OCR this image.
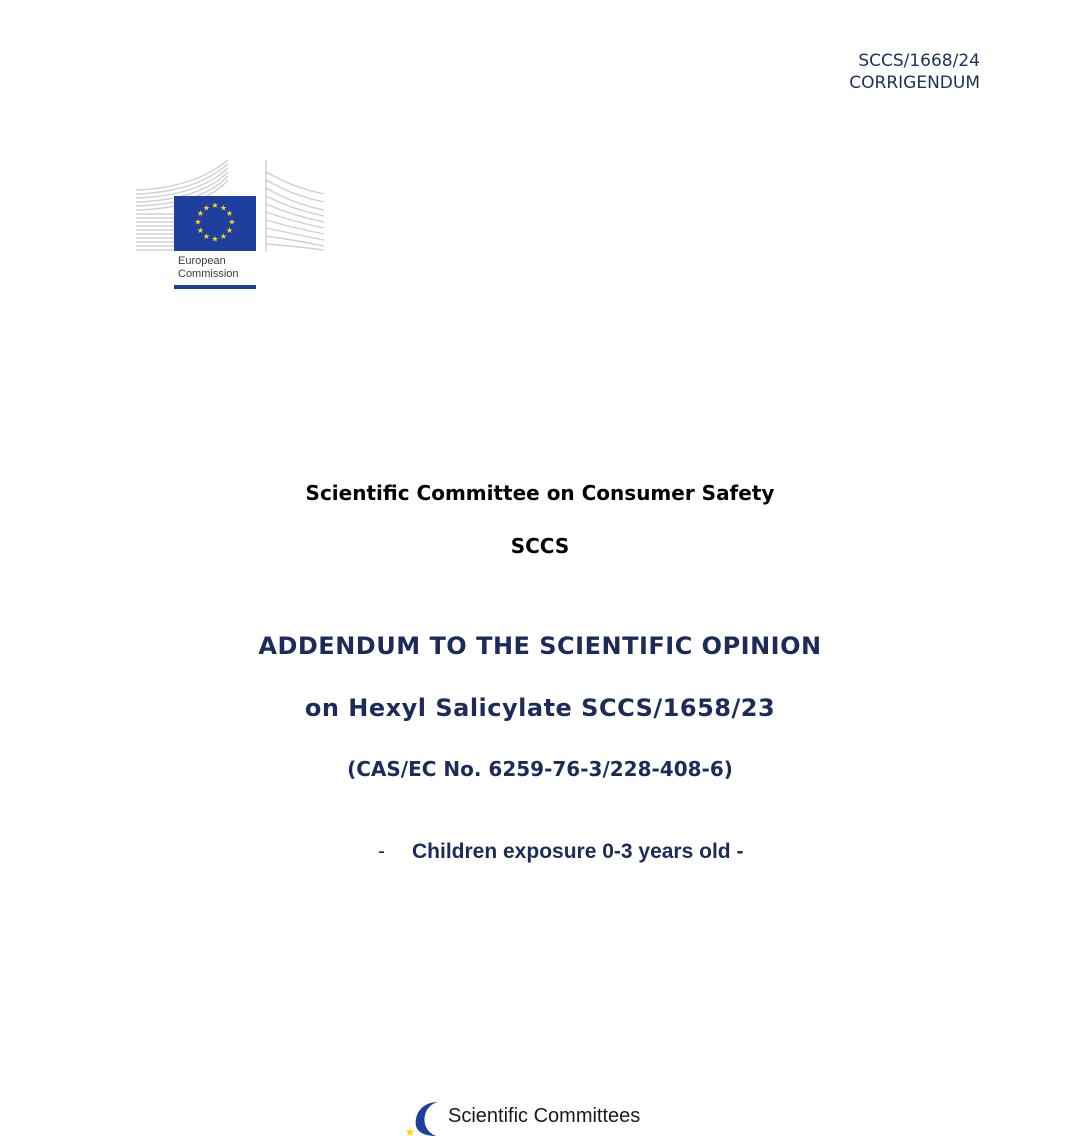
SCCS/1668/24
CORRIGENDUM
★ ★
★
★
★
★
★
★
★
★
★
★
European
Commission
Scientific Committee on Consumer Safety
SCCS
ADDENDUM TO THE SCIENTIFIC OPINION
on Hexyl Salicylate SCCS/1658/23
(CAS/EC No. 6259-76-3/228-408-6)
- Children exposure 0-3 years old -
★
Scientific Committees
